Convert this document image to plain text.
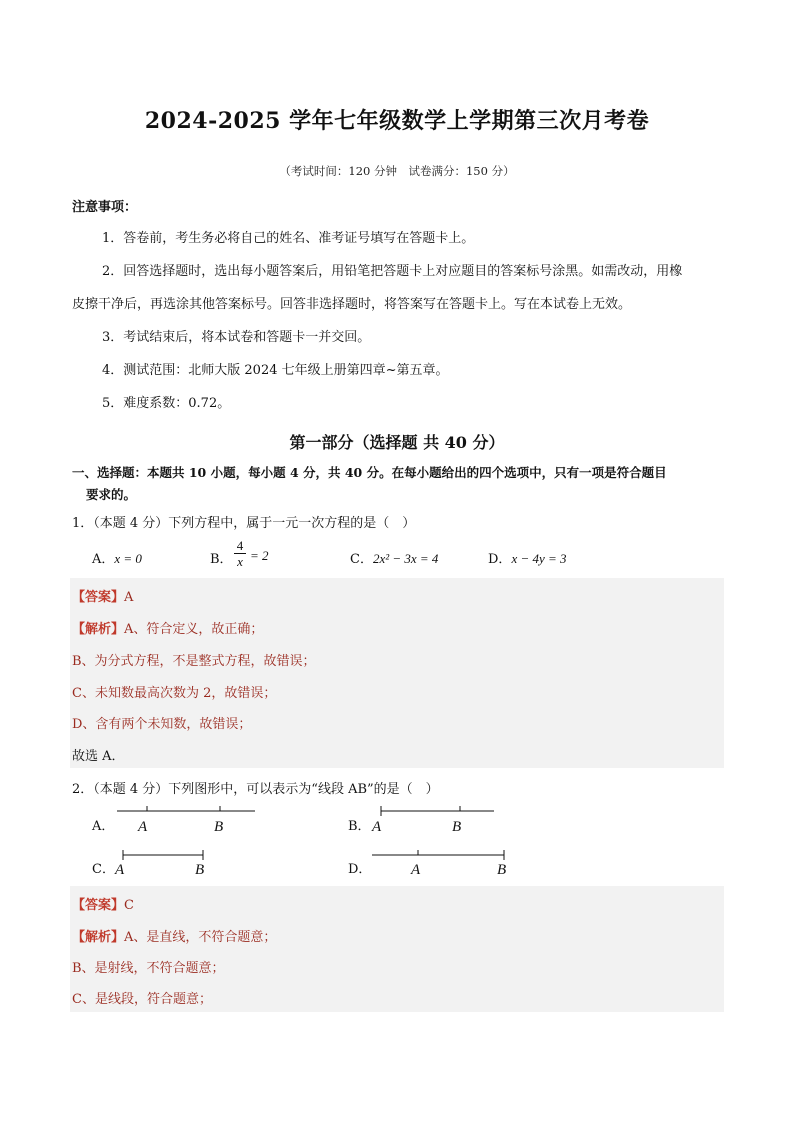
2024-2025 学年七年级数学上学期第三次月考卷
（考试时间：120 分钟　试卷满分：150 分）
注意事项：
1．答卷前，考生务必将自己的姓名、准考证号填写在答题卡上。
2．回答选择题时，选出每小题答案后，用铅笔把答题卡上对应题目的答案标号涂黑。如需改动，用橡
皮擦干净后，再选涂其他答案标号。回答非选择题时，将答案写在答题卡上。写在本试卷上无效。
3．考试结束后，将本试卷和答题卡一并交回。
4．测试范围：北师大版 2024 七年级上册第四章~第五章。
5．难度系数：0.72。
第一部分（选择题 共 40 分）
一、选择题：本题共 10 小题，每小题 4 分，共 40 分。在每小题给出的四个选项中，只有一项是符合题目
要求的。
1．（本题 4 分）下列方程中，属于一元一次方程的是（　）
A．x = 0	B．
4
x = 2	C．2x² − 3x = 4	D．x − 4y = 3
【答案】A
【解析】A、符合定义，故正确；
B、为分式方程，不是整式方程，故错误；
C、未知数最高次数为 2，故错误；
D、含有两个未知数，故错误；
故选 A．
2．（本题 4 分）下列图形中，可以表示为“线段 AB”的是（　）
A． A	B	B． A	B
C． A	B	D．	A	B
【答案】C
【解析】A、是直线，不符合题意；
B、是射线，不符合题意；
C、是线段，符合题意；
